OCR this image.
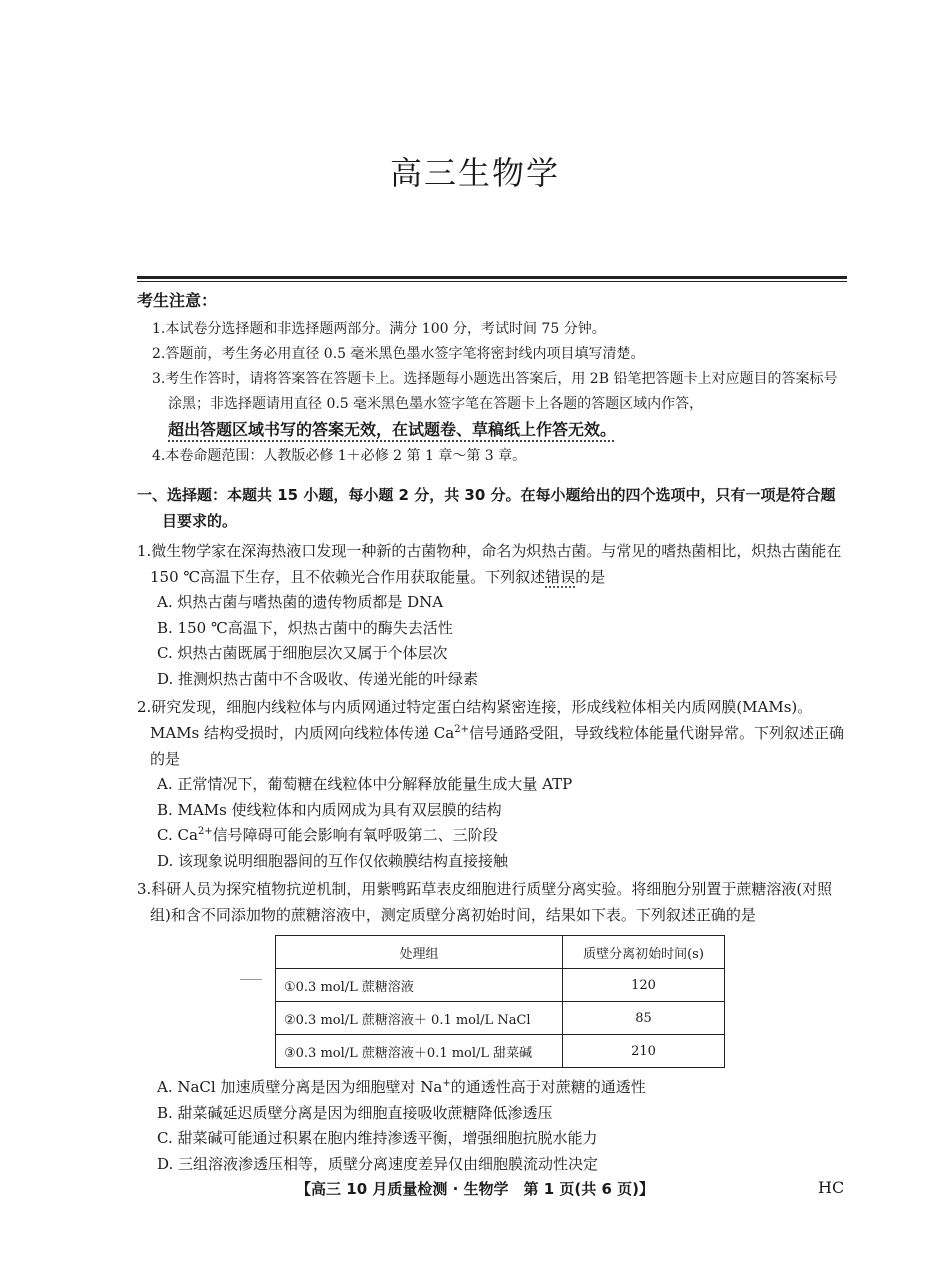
高三生物学
考生注意：
1.本试卷分选择题和非选择题两部分。满分 100 分，考试时间 75 分钟。
2.答题前，考生务必用直径 0.5 毫米黑色墨水签字笔将密封线内项目填写清楚。
3.考生作答时，请将答案答在答题卡上。选择题每小题选出答案后，用 2B 铅笔把答题卡上对应题目的答案标号涂黑；非选择题请用直径 0.5 毫米黑色墨水签字笔在答题卡上各题的答题区域内作答，
超出答题区域书写的答案无效，在试题卷、草稿纸上作答无效。
4.本卷命题范围：人教版必修 1＋必修 2 第 1 章～第 3 章。
一、选择题：本题共 15 小题，每小题 2 分，共 30 分。在每小题给出的四个选项中，只有一项是符合题目要求的。
1.微生物学家在深海热液口发现一种新的古菌物种，命名为炽热古菌。与常见的嗜热菌相比，炽热古菌能在 150 ℃高温下生存，且不依赖光合作用获取能量。下列叙述错误的是
A. 炽热古菌与嗜热菌的遗传物质都是 DNA
B. 150 ℃高温下，炽热古菌中的酶失去活性
C. 炽热古菌既属于细胞层次又属于个体层次
D. 推测炽热古菌中不含吸收、传递光能的叶绿素
2.研究发现，细胞内线粒体与内质网通过特定蛋白结构紧密连接，形成线粒体相关内质网膜(MAMs)。MAMs 结构受损时，内质网向线粒体传递 $Ca^{2+}$信号通路受阻，导致线粒体能量代谢异常。下列叙述正确的是
A. 正常情况下，葡萄糖在线粒体中分解释放能量生成大量 ATP
B. MAMs 使线粒体和内质网成为具有双层膜的结构
C. $Ca^{2+}$信号障碍可能会影响有氧呼吸第二、三阶段
D. 该现象说明细胞器间的互作仅依赖膜结构直接接触
3.科研人员为探究植物抗逆机制，用紫鸭跖草表皮细胞进行质壁分离实验。将细胞分别置于蔗糖溶液(对照组)和含不同添加物的蔗糖溶液中，测定质壁分离初始时间，结果如下表。下列叙述正确的是
处理组	质壁分离初始时间(s)
①0.3 mol/L 蔗糖溶液	120
②0.3 mol/L 蔗糖溶液＋ 0.1 mol/L NaCl	85
③0.3 mol/L 蔗糖溶液＋0.1 mol/L 甜菜碱	210
A. NaCl 加速质壁分离是因为细胞壁对 Na+的通透性高于对蔗糖的通透性
B. 甜菜碱延迟质壁分离是因为细胞直接吸收蔗糖降低渗透压
C. 甜菜碱可能通过积累在胞内维持渗透平衡，增强细胞抗脱水能力
D. 三组溶液渗透压相等，质壁分离速度差异仅由细胞膜流动性决定
【高三 10 月质量检测 · 生物学　第 1 页(共 6 页)】	HC
